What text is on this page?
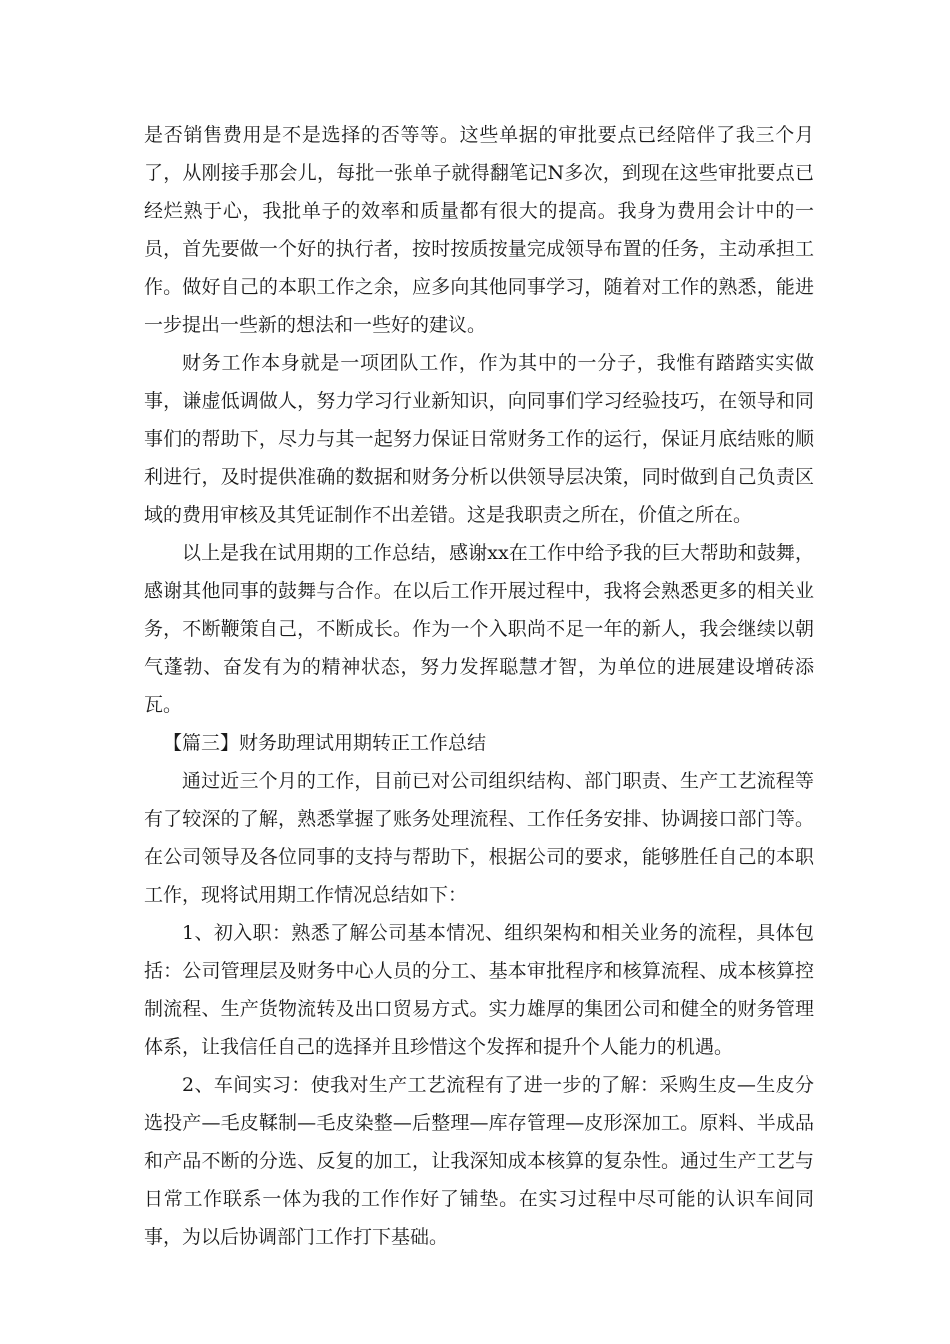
是否销售费用是不是选择的否等等。这些单据的审批要点已经陪伴了我三个月了，从刚接手那会儿，每批一张单子就得翻笔记N多次，到现在这些审批要点已经烂熟于心，我批单子的效率和质量都有很大的提高。我身为费用会计中的一员，首先要做一个好的执行者，按时按质按量完成领导布置的任务，主动承担工作。做好自己的本职工作之余，应多向其他同事学习，随着对工作的熟悉，能进一步提出一些新的想法和一些好的建议。

财务工作本身就是一项团队工作，作为其中的一分子，我惟有踏踏实实做事，谦虚低调做人，努力学习行业新知识，向同事们学习经验技巧，在领导和同事们的帮助下，尽力与其一起努力保证日常财务工作的运行，保证月底结账的顺利进行，及时提供准确的数据和财务分析以供领导层决策，同时做到自己负责区域的费用审核及其凭证制作不出差错。这是我职责之所在，价值之所在。

以上是我在试用期的工作总结，感谢xx在工作中给予我的巨大帮助和鼓舞，感谢其他同事的鼓舞与合作。在以后工作开展过程中，我将会熟悉更多的相关业务，不断鞭策自己，不断成长。作为一个入职尚不足一年的新人，我会继续以朝气蓬勃、奋发有为的精神状态，努力发挥聪慧才智，为单位的进展建设增砖添瓦。

【篇三】财务助理试用期转正工作总结

通过近三个月的工作，目前已对公司组织结构、部门职责、生产工艺流程等有了较深的了解，熟悉掌握了账务处理流程、工作任务安排、协调接口部门等。在公司领导及各位同事的支持与帮助下，根据公司的要求，能够胜任自己的本职工作，现将试用期工作情况总结如下：

1、初入职：熟悉了解公司基本情况、组织架构和相关业务的流程，具体包括：公司管理层及财务中心人员的分工、基本审批程序和核算流程、成本核算控制流程、生产货物流转及出口贸易方式。实力雄厚的集团公司和健全的财务管理体系，让我信任自己的选择并且珍惜这个发挥和提升个人能力的机遇。

2、车间实习：使我对生产工艺流程有了进一步的了解：采购生皮—生皮分选投产—毛皮鞣制—毛皮染整—后整理—库存管理—皮形深加工。原料、半成品和产品不断的分选、反复的加工，让我深知成本核算的复杂性。通过生产工艺与日常工作联系一体为我的工作作好了铺垫。在实习过程中尽可能的认识车间同事，为以后协调部门工作打下基础。
